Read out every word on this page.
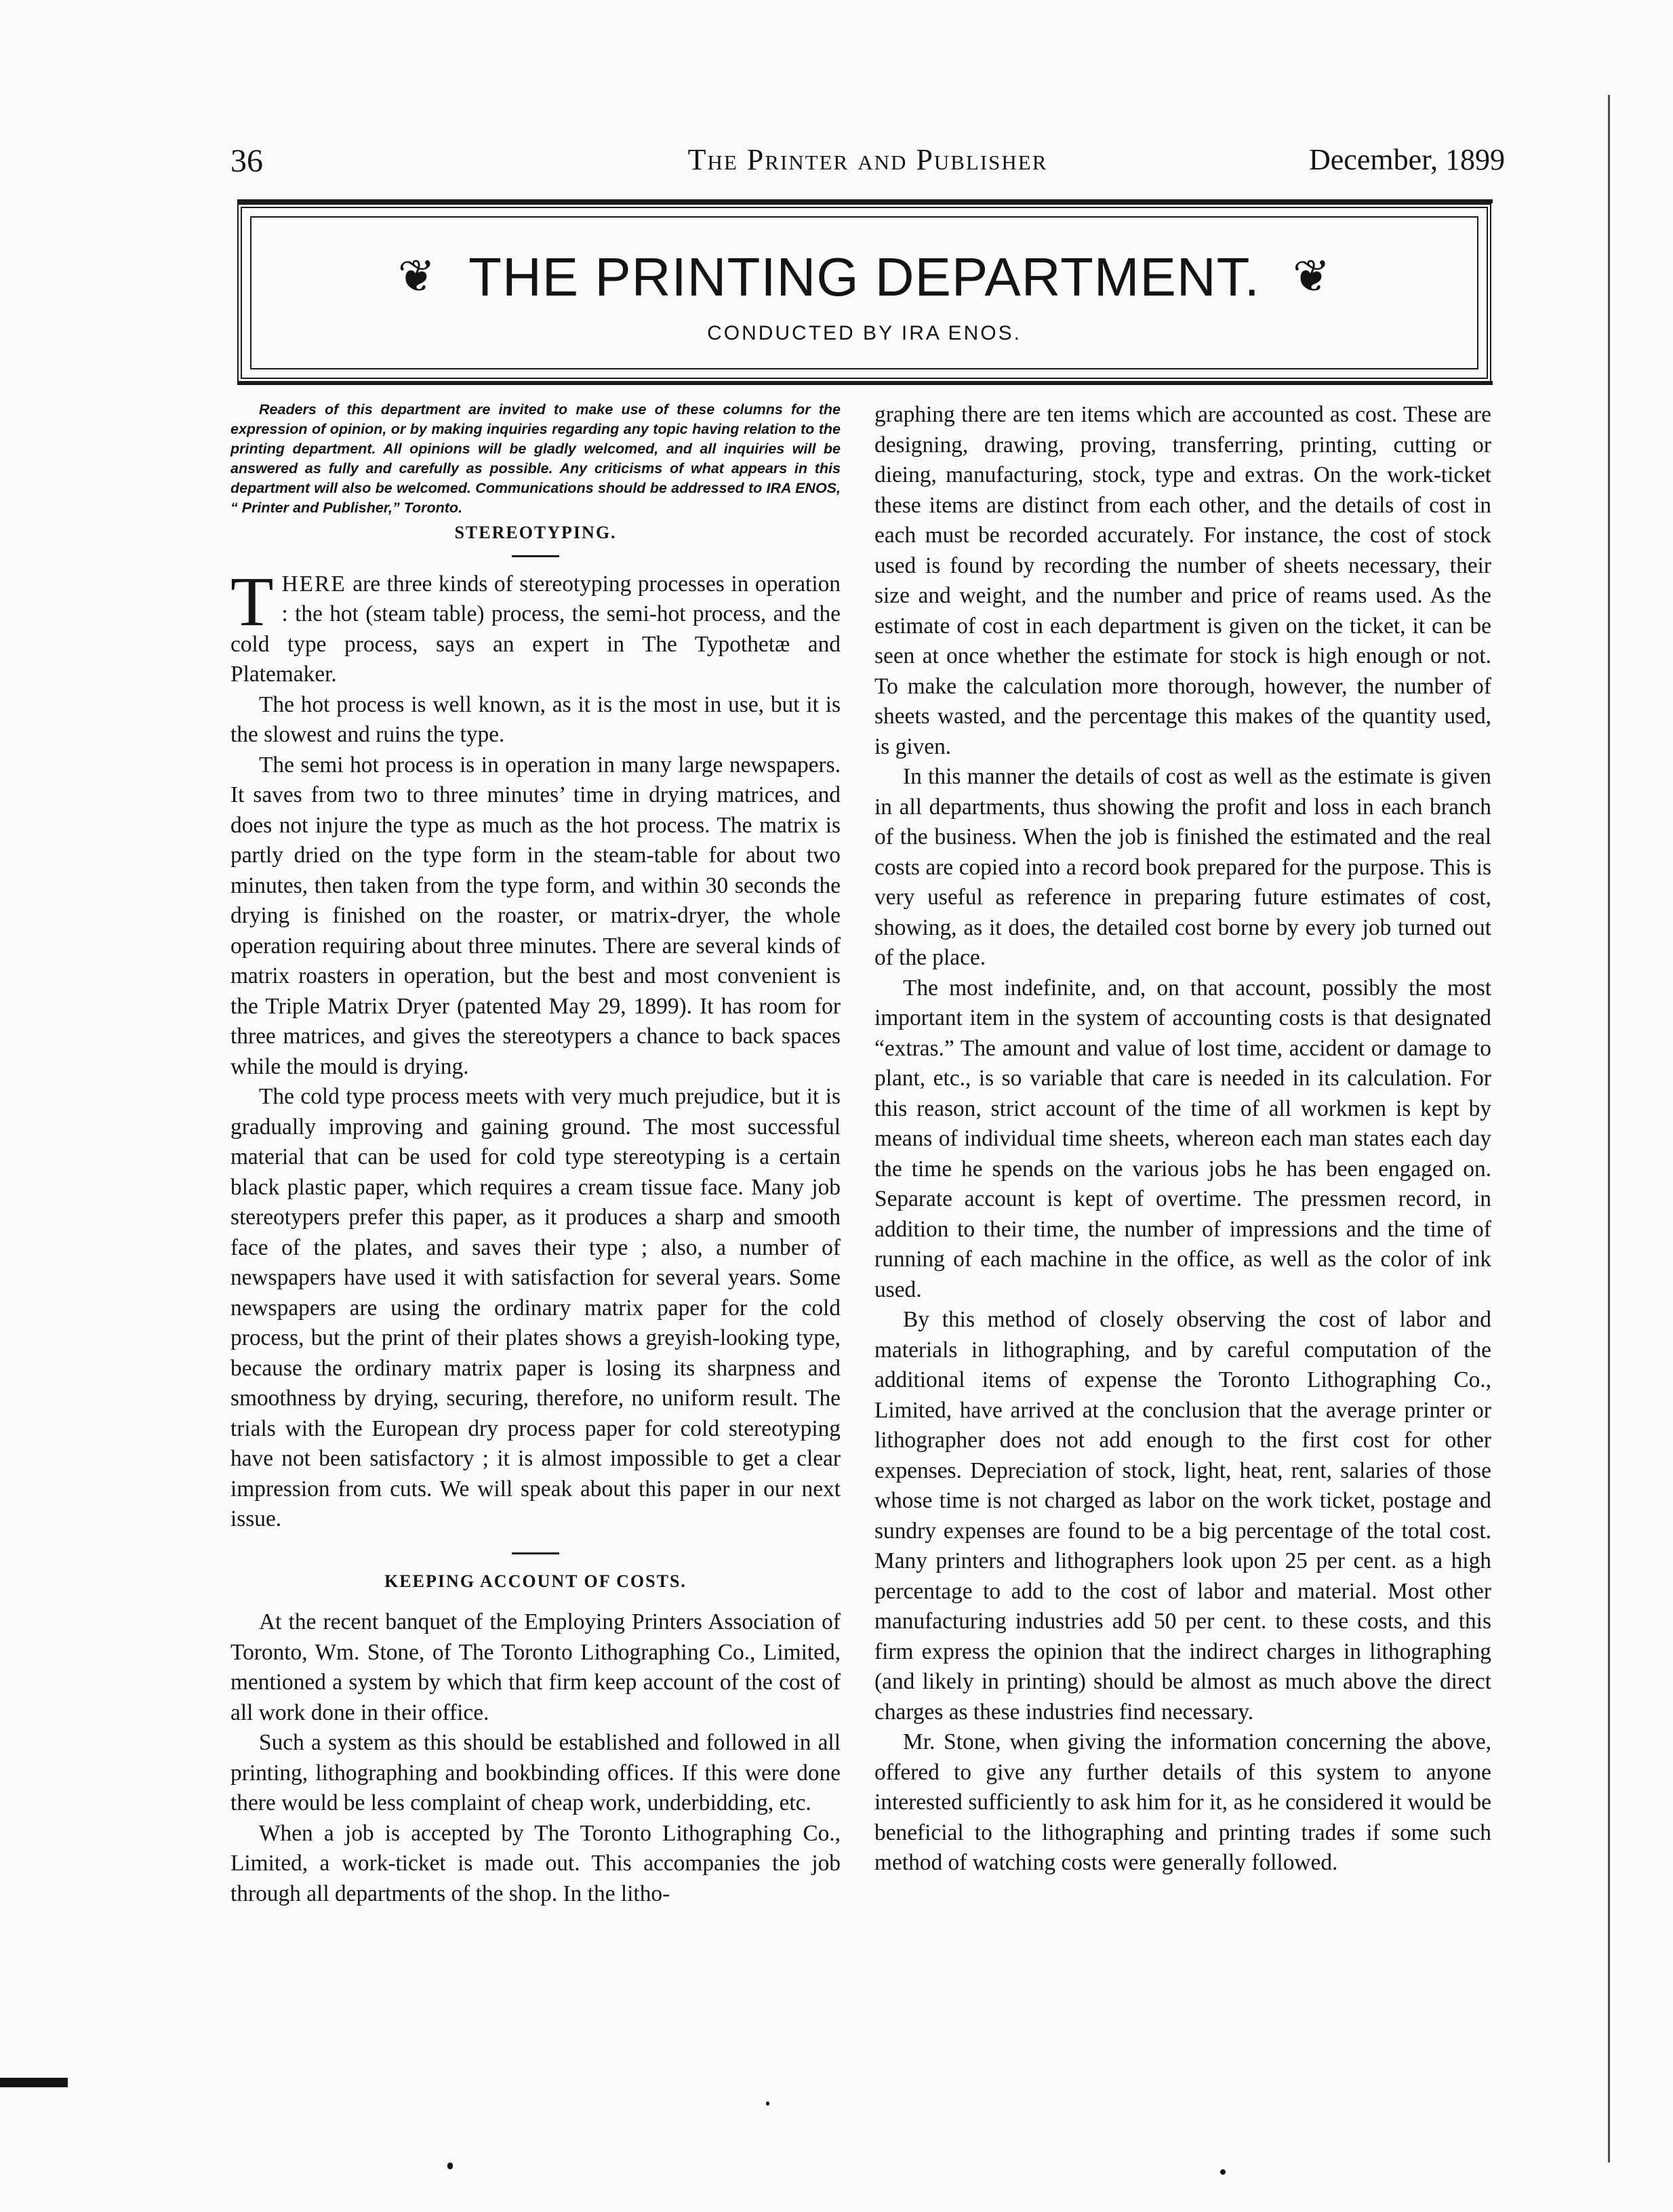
36	The Printer and Publisher	December, 1899
❦ THE PRINTING DEPARTMENT. ❦
CONDUCTED BY IRA ENOS.

Readers of this department are invited to make use of these columns for the expression of opinion, or by making inquiries regarding any topic having relation to the printing department. All opinions will be gladly welcomed, and all inquiries will be answered as fully and carefully as possible. Any criticisms of what appears in this department will also be welcomed. Communications should be addressed to IRA ENOS, “ Printer and Publisher,” Toronto.

STEREOTYPING.

THERE are three kinds of stereotyping processes in operation : the hot (steam table) process, the semi-hot process, and the cold type process, says an expert in The Typothetæ and Platemaker.

The hot process is well known, as it is the most in use, but it is the slowest and ruins the type.

The semi hot process is in operation in many large newspapers. It saves from two to three minutes’ time in drying matrices, and does not injure the type as much as the hot process. The matrix is partly dried on the type form in the steam-table for about two minutes, then taken from the type form, and within 30 seconds the drying is finished on the roaster, or matrix-dryer, the whole operation requiring about three minutes. There are several kinds of matrix roasters in operation, but the best and most convenient is the Triple Matrix Dryer (patented May 29, 1899). It has room for three matrices, and gives the stereotypers a chance to back spaces while the mould is drying.

The cold type process meets with very much prejudice, but it is gradually improving and gaining ground. The most successful material that can be used for cold type stereotyping is a certain black plastic paper, which requires a cream tissue face. Many job stereotypers prefer this paper, as it produces a sharp and smooth face of the plates, and saves their type ; also, a number of newspapers have used it with satisfaction for several years. Some newspapers are using the ordinary matrix paper for the cold process, but the print of their plates shows a greyish-looking type, because the ordinary matrix paper is losing its sharpness and smoothness by drying, securing, therefore, no uniform result. The trials with the European dry process paper for cold stereotyping have not been satisfactory ; it is almost impossible to get a clear impression from cuts. We will speak about this paper in our next issue.

KEEPING ACCOUNT OF COSTS.

At the recent banquet of the Employing Printers Association of Toronto, Wm. Stone, of The Toronto Lithographing Co., Limited, mentioned a system by which that firm keep account of the cost of all work done in their office.

Such a system as this should be established and followed in all printing, lithographing and bookbinding offices. If this were done there would be less complaint of cheap work, underbidding, etc.

When a job is accepted by The Toronto Lithographing Co., Limited, a work-ticket is made out. This accompanies the job through all departments of the shop. In the litho-

graphing there are ten items which are accounted as cost. These are designing, drawing, proving, transferring, printing, cutting or dieing, manufacturing, stock, type and extras. On the work-ticket these items are distinct from each other, and the details of cost in each must be recorded accurately. For instance, the cost of stock used is found by recording the number of sheets necessary, their size and weight, and the number and price of reams used. As the estimate of cost in each department is given on the ticket, it can be seen at once whether the estimate for stock is high enough or not. To make the calculation more thorough, however, the number of sheets wasted, and the percentage this makes of the quantity used, is given.

In this manner the details of cost as well as the estimate is given in all departments, thus showing the profit and loss in each branch of the business. When the job is finished the estimated and the real costs are copied into a record book prepared for the purpose. This is very useful as reference in preparing future estimates of cost, showing, as it does, the detailed cost borne by every job turned out of the place.

The most indefinite, and, on that account, possibly the most important item in the system of accounting costs is that designated “extras.” The amount and value of lost time, accident or damage to plant, etc., is so variable that care is needed in its calculation. For this reason, strict account of the time of all workmen is kept by means of individual time sheets, whereon each man states each day the time he spends on the various jobs he has been engaged on. Separate account is kept of overtime. The pressmen record, in addition to their time, the number of impressions and the time of running of each machine in the office, as well as the color of ink used.

By this method of closely observing the cost of labor and materials in lithographing, and by careful computation of the additional items of expense the Toronto Lithographing Co., Limited, have arrived at the conclusion that the average printer or lithographer does not add enough to the first cost for other expenses. Depreciation of stock, light, heat, rent, salaries of those whose time is not charged as labor on the work ticket, postage and sundry expenses are found to be a big percentage of the total cost. Many printers and lithographers look upon 25 per cent. as a high percentage to add to the cost of labor and material. Most other manufacturing industries add 50 per cent. to these costs, and this firm express the opinion that the indirect charges in lithographing (and likely in printing) should be almost as much above the direct charges as these industries find necessary.

Mr. Stone, when giving the information concerning the above, offered to give any further details of this system to anyone interested sufficiently to ask him for it, as he considered it would be beneficial to the lithographing and printing trades if some such method of watching costs were generally followed.
